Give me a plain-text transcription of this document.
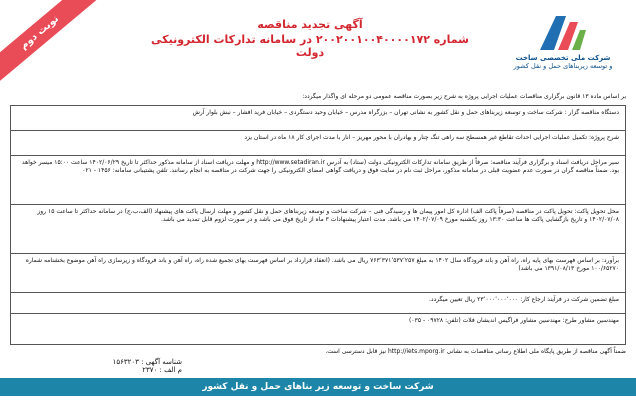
نوبت دوم	آگهی تجدید مناقصه
شماره ۲۰۰۲۰۰۱۰۰۴۰۰۰۰۱۷۲ در سامانه تدارکات الکترونیکی دولت	شرکت ملی تخصصی ساخت
و توسعه زیربناهای حمل و نقل کشور
بر اساس ماده ۱۳ قانون برگزاری مناقصات عملیات اجرایی پروژه به شرح زیر بصورت مناقصه عمومی دو مرحله ای واگذار میگردد:
دستگاه مناقصه گزار : شرکت ساخت و توسعه زیربناهای حمل و نقل کشور به نشانی تهران – بزرگراه مدرس – خیابان وحید دستگردی – خیابان فرید افشار – نبش بلوار آرش
شرح پروژه: تکمیل عملیات اجرایی احداث تقاطع غیر همسطح سه راهی تنگ چنار و بهادران با محور مهریز – انار با مدت اجرای کار ۱۸ ماه در استان یزد
سیر مراحل دریافت اسناد و برگزاری فرآیند مناقصه: صرفاً از طریق سامانه تدارکات الکترونیکی دولت (ستاد) به آدرس http://www.setadiran.ir و مهلت دریافت اسناد از سامانه مذکور حداکثر تا تاریخ ۱۴۰۲/۰۶/۲۹ ساعت ۱۵:۰۰ میسر خواهد بود. ضمناً مناقصه گران در صورت عدم عضویت قبلی در سامانه مذکور، مراحل ثبت نام در سایت فوق و دریافت گواهی امضای الکترونیکی را جهت شرکت در مناقصه به انجام رسانند. تلفن پشتیبانی سامانه: ۱۴۵۶ - ۰۲۱
محل تحویل پاکت: تحویل پاکت در مناقصه (صرفاً پاکت الف) اداره کل امور پیمان ها و رسیدگی فنی – شرکت ساخت و توسعه زیربناهای حمل و نقل کشور و مهلت ارسال پاکت های پیشنهاد (الف،ب،ج) در سامانه حداکثر تا ساعت ۱۵ روز ۱۴۰۲/۰۷/۰۸ و تاریخ بازگشایی پاکت ها ساعت ۱۳:۳۰ روز یکشنبه مورخ ۱۴۰۲/۰۷/۰۹ می باشد. مدت اعتبار پیشنهادات ۳ ماه از تاریخ فوق می باشد و در صورت لزوم قابل تمدید می باشد.
برآورد: بر اساس فهرست بهای پایه راه، راه آهن و باند فرودگاه سال ۱۴۰۲ به مبلغ ۷۶۳٬۳۷۱٬۵۳۷٬۲۵۷ ریال می باشد. (انعقاد قرارداد بر اساس فهرست بهای تجمیع شده راه، راه آهن و باند فرودگاه و زیرسازی راه آهن موضوع بخشنامه شماره ۱۰۰/۶۵۲۷۰ مورخ ۱۳۹۱/۰۸/۱۳ می باشد)
مبلغ تضمین شرکت در فرآیند ارجاع کار: ۲۳٬۰۰۰٬۰۰۰٬۰۰۰ ریال تعیین میگردد.
مهندسین مشاور طرح: مهندسین مشاور فراگیس اندیشان فلات (تلفن: ۰۹۷۲۸ - ۰۳۵)
ضمناً آگهی مناقصه از طریق پایگاه ملی اطلاع رسانی مناقصات به نشانی http://iets.mporg.ir نیز قابل دسترسی است.
شناسه آگهی : ۱۵۶۳۲۰۳
م الف : ۲۳۷۰
شرکت ساخت و توسعه زیر بناهای حمل و نقل کشور
